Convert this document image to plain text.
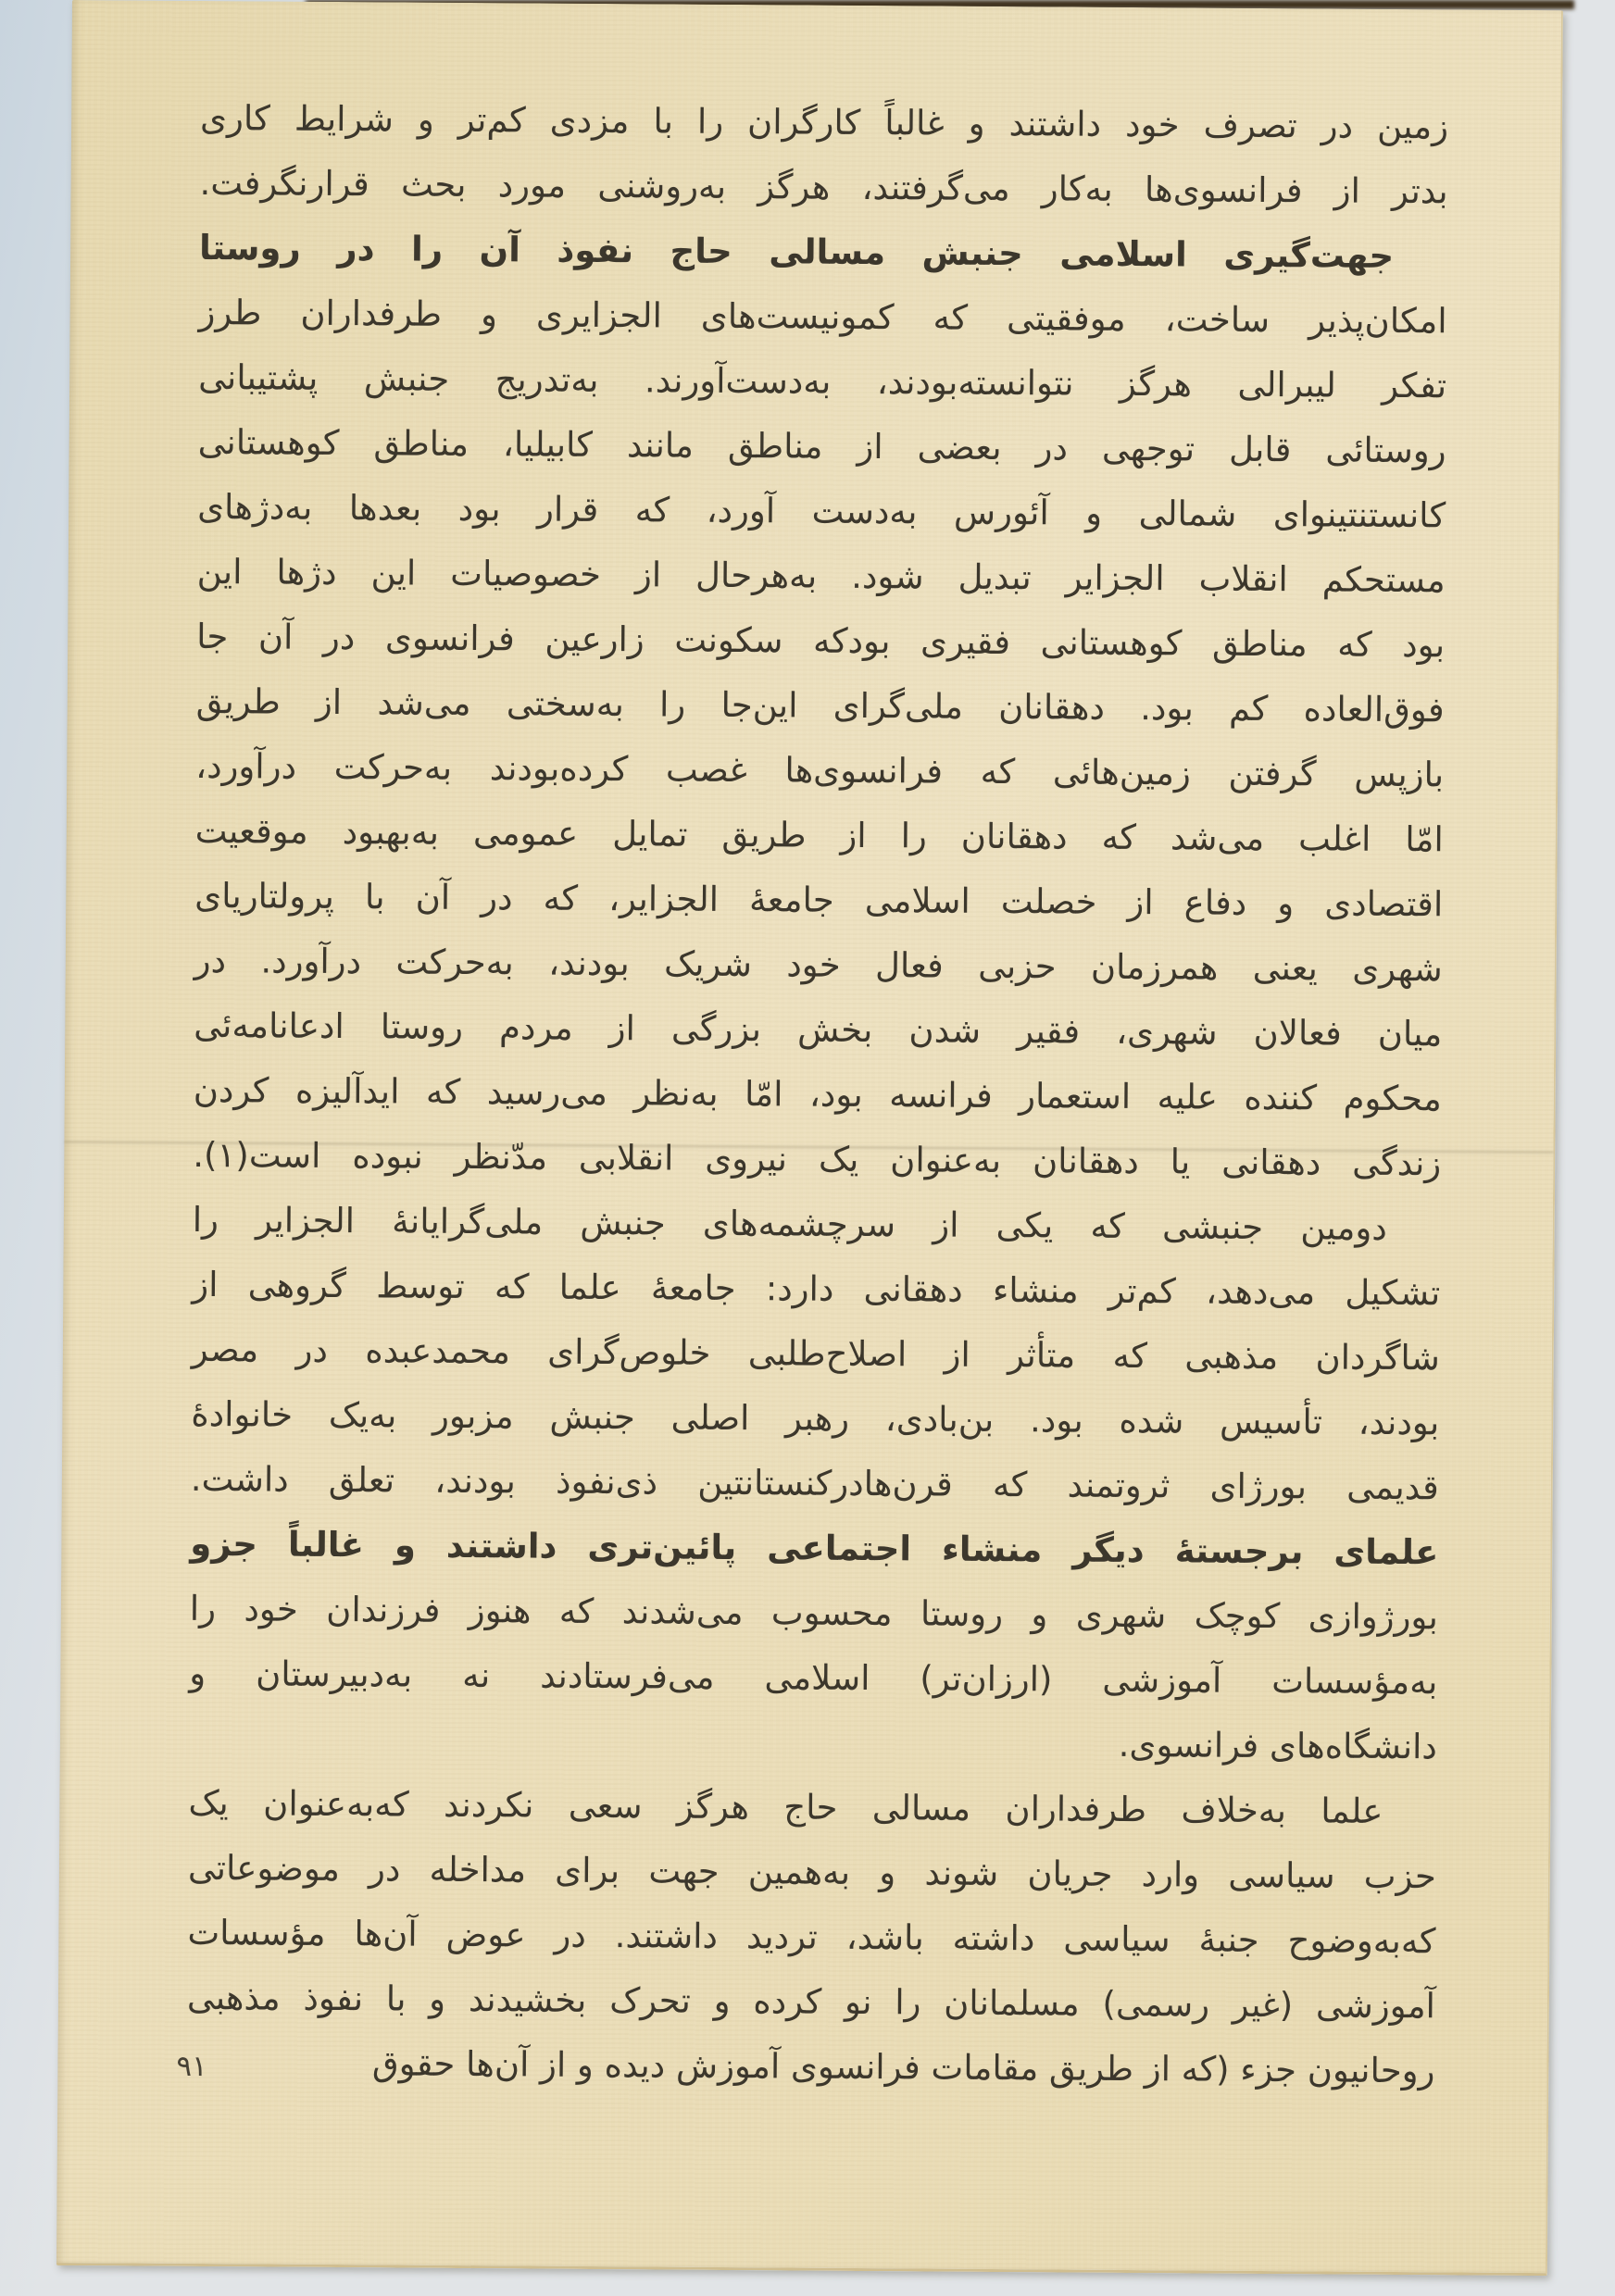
زمین در تصرف خود داشتند و غالباً کارگران را با مزدی کم‌تر و شرایط کاری
بدتر از فرانسوی‌ها به‌کار می‌گرفتند، هرگز به‌روشنی مورد بحث قرارنگرفت.
جهت‌گیری اسلامی جنبش مسالی حاج نفوذ آن را در روستا
امکان‌پذیر ساخت، موفقیتی که کمونیست‌های الجزایری و طرفداران طرز
تفکر لیبرالی هرگز نتوانسته‌بودند، به‌دست‌آورند. به‌تدریج جنبش پشتیبانی
روستائی قابل توجهی در بعضی از مناطق مانند کابیلیا، مناطق کوهستانی
کانستنتینوای شمالی و آئورس به‌دست آورد، که قرار بود بعدها به‌دژهای
مستحکم انقلاب الجزایر تبدیل شود. به‌هرحال از خصوصیات این دژها این
بود که مناطق کوهستانی فقیری بودکه سکونت زارعین فرانسوی در آن جا
فوق‌العاده کم بود. دهقانان ملی‌گرای این‌جا را به‌سختی می‌شد از طریق
بازپس گرفتن زمین‌هائی که فرانسوی‌ها غصب کرده‌بودند به‌حرکت درآورد،
امّا اغلب می‌شد که دهقانان را از طریق تمایل عمومی به‌بهبود موقعیت
اقتصادی و دفاع از خصلت اسلامی جامعهٔ الجزایر، که در آن با پرولتاریای
شهری یعنی همرزمان حزبی فعال خود شریک بودند، به‌حرکت درآورد. در
میان فعالان شهری، فقیر شدن بخش بزرگی از مردم روستا ادعانامه‌ئی
محکوم کننده علیه استعمار فرانسه بود، امّا به‌نظر می‌رسید که ایدآلیزه کردن
زندگی دهقانی یا دهقانان به‌عنوان یک نیروی انقلابی مدّنظر نبوده است(۱).
دومین جنبشی که یکی از سرچشمه‌های جنبش ملی‌گرایانهٔ الجزایر را
تشکیل می‌دهد، کم‌تر منشاء دهقانی دارد: جامعهٔ علما که توسط گروهی از
شاگردان مذهبی که متأثر از اصلاح‌طلبی خلوص‌گرای محمدعبده در مصر
بودند، تأسیس شده بود. بن‌بادی، رهبر اصلی جنبش مزبور به‌یک خانوادهٔ
قدیمی بورژای ثروتمند که قرن‌هادرکنستانتین ذی‌نفوذ بودند، تعلق داشت.
علمای برجستهٔ دیگر منشاء اجتماعی پائین‌تری داشتند و غالباً جزو
بورژوازی کوچک شهری و روستا محسوب می‌شدند که هنوز فرزندان خود را
به‌مؤسسات آموزشی (ارزان‌تر) اسلامی می‌فرستادند نه به‌دبیرستان و
دانشگاه‌های فرانسوی.
علما به‌خلاف طرفداران مسالی حاج هرگز سعی نکردند که‌به‌عنوان یک
حزب سیاسی وارد جریان شوند و به‌همین جهت برای مداخله در موضوعاتی
که‌به‌وضوح جنبهٔ سیاسی داشته باشد، تردید داشتند. در عوض آن‌ها مؤسسات
آموزشی (غیر رسمی) مسلمانان را نو کرده و تحرک بخشیدند و با نفوذ مذهبی
روحانیون جزء (که از طریق مقامات فرانسوی آموزش دیده و از آن‌ها حقوق
۹۱
